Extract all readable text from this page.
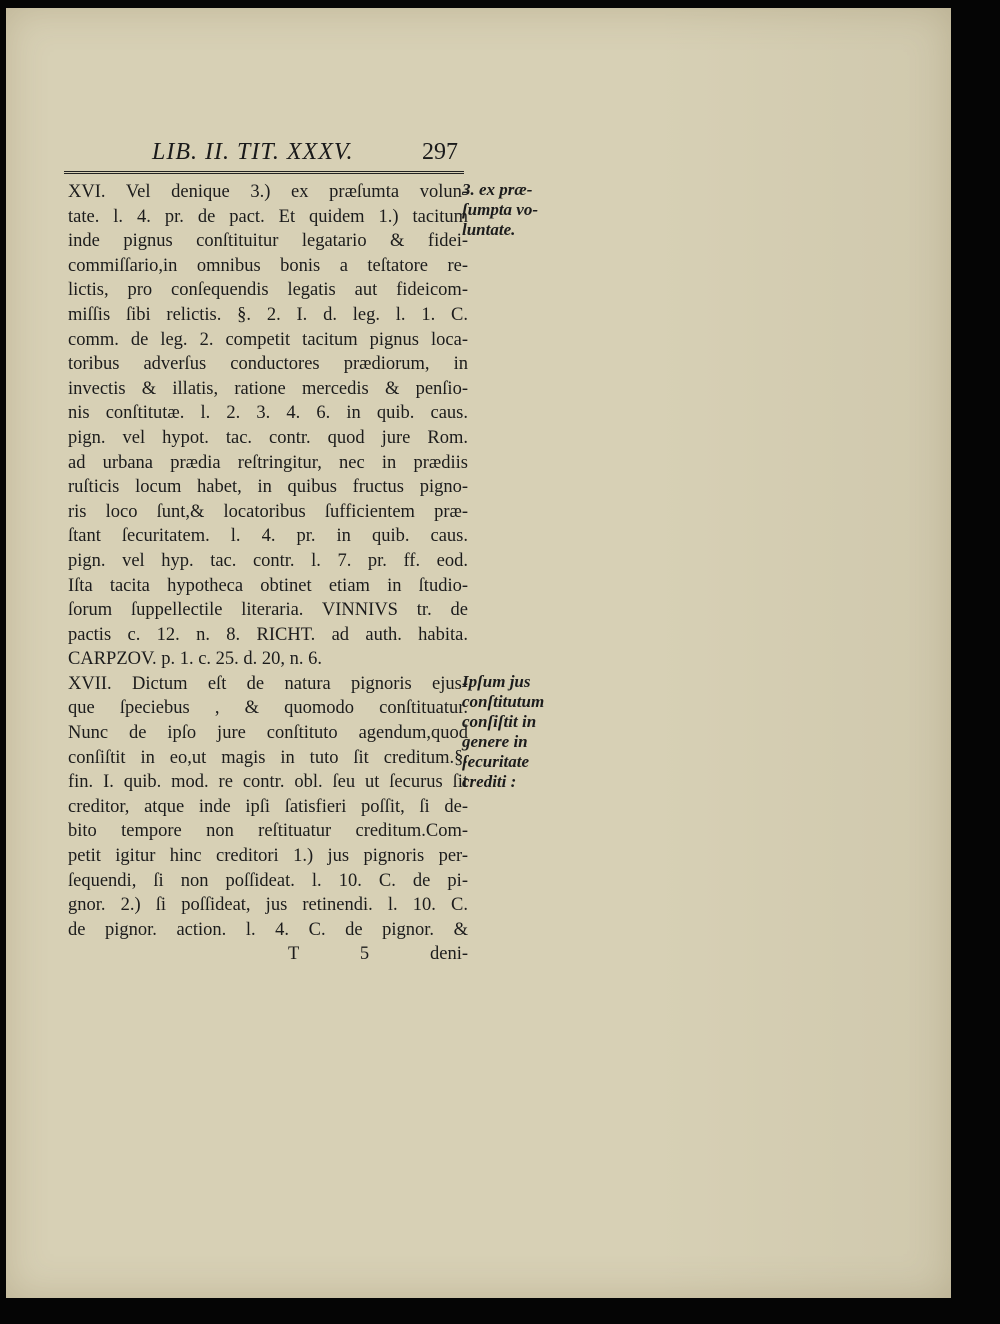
LIB. II. TIT. XXXV.	297
XVI. Vel denique 3.) ex præſumta volun-
tate. l. 4. pr. de pact. Et quidem 1.) tacitum
inde pignus conſtituitur legatario & fidei-
commiſſario,in omnibus bonis a teſtatore re-
lictis, pro conſequendis legatis aut fideicom-
miſſis ſibi relictis. §. 2. I. d. leg. l. 1. C.
comm. de leg. 2. competit tacitum pignus loca-
toribus adverſus conductores prædiorum, in
invectis & illatis, ratione mercedis & penſio-
nis conſtitutæ. l. 2. 3. 4. 6. in quib. caus.
pign. vel hypot. tac. contr. quod jure Rom.
ad urbana prædia reſtringitur, nec in prædiis
ruſticis locum habet, in quibus fructus pigno-
ris loco ſunt,& locatoribus ſufficientem præ-
ſtant ſecuritatem. l. 4. pr. in quib. caus.
pign. vel hyp. tac. contr. l. 7. pr. ff. eod.
Iſta tacita hypotheca obtinet etiam in ſtudio-
ſorum ſuppellectile literaria. VINNIVS tr. de
pactis c. 12. n. 8. RICHT. ad auth. habita.
CARPZOV. p. 1. c. 25. d. 20, n. 6.
XVII. Dictum eſt de natura pignoris ejus-
que ſpeciebus , & quomodo conſtituatur.
Nunc de ipſo jure conſtituto agendum,quod
conſiſtit in eo,ut magis in tuto ſit creditum.§.
fin. I. quib. mod. re contr. obl. ſeu ut ſecurus ſit
creditor, atque inde ipſi ſatisfieri poſſit, ſi de-
bito tempore non reſtituatur creditum.Com-
petit igitur hinc creditori 1.) jus pignoris per-
ſequendi, ſi non poſſideat. l. 10. C. de pi-
gnor. 2.) ſi poſſideat, jus retinendi. l. 10. C.
de pignor. action. l. 4. C. de pignor. &
T 5	deni-
3. ex præ-
ſumpta vo-
luntate.
Ipſum jus
conſtitutum
conſiſtit in
genere in
ſecuritate
crediti :
